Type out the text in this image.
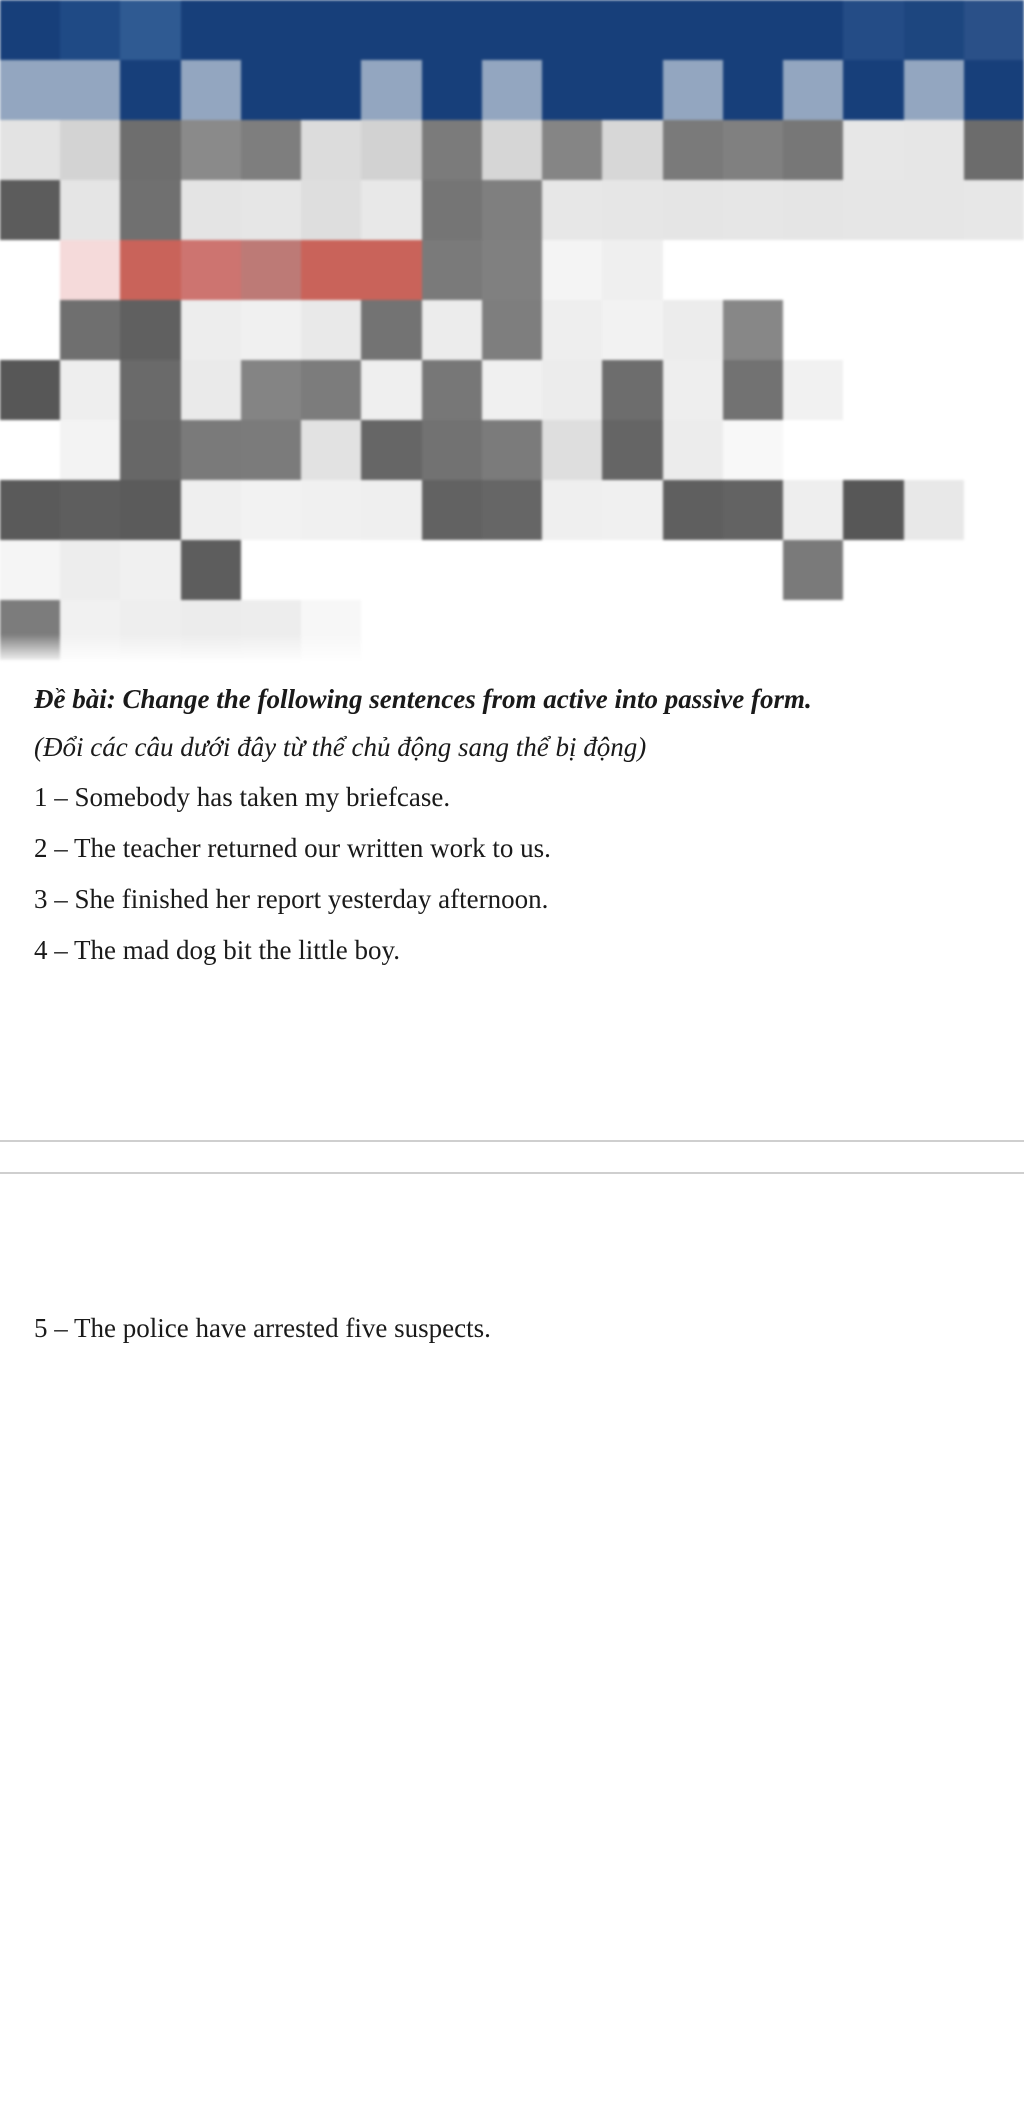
Đề bài: Change the following sentences from active into passive form.

(Đổi các câu dưới đây từ thể chủ động sang thể bị động)

1 – Somebody has taken my briefcase.

2 – The teacher returned our written work to us.

3 – She finished her report yesterday afternoon.

4 – The mad dog bit the little boy.

5 – The police have arrested five suspects.
